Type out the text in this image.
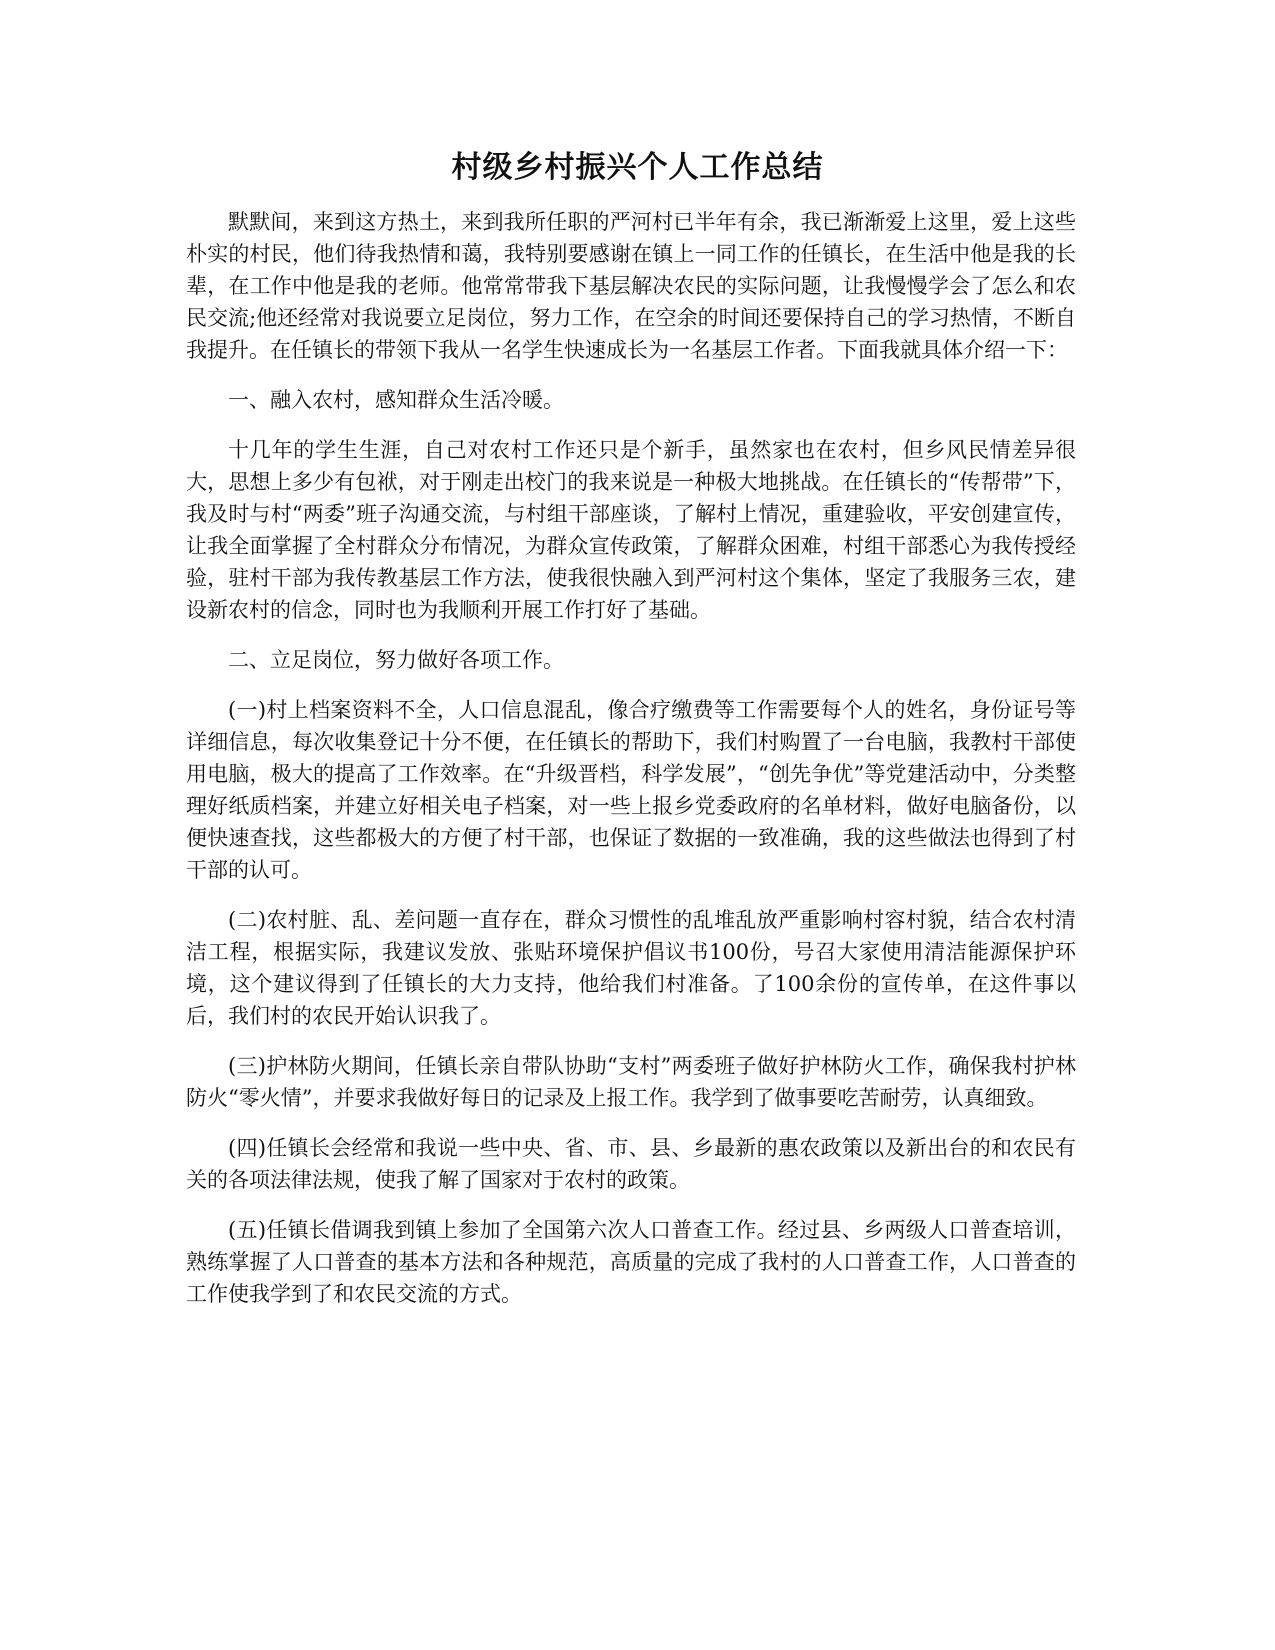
村级乡村振兴个人工作总结

默默间，来到这方热土，来到我所任职的严河村已半年有余，我已渐渐爱上这里，爱上这些朴实的村民，他们待我热情和蔼，我特别要感谢在镇上一同工作的任镇长，在生活中他是我的长辈，在工作中他是我的老师。他常常带我下基层解决农民的实际问题，让我慢慢学会了怎么和农民交流;他还经常对我说要立足岗位，努力工作，在空余的时间还要保持自己的学习热情，不断自我提升。在任镇长的带领下我从一名学生快速成长为一名基层工作者。下面我就具体介绍一下：

一、融入农村，感知群众生活冷暖。

十几年的学生生涯，自己对农村工作还只是个新手，虽然家也在农村，但乡风民情差异很大，思想上多少有包袱，对于刚走出校门的我来说是一种极大地挑战。在任镇长的“传帮带”下，我及时与村“两委”班子沟通交流，与村组干部座谈，了解村上情况，重建验收，平安创建宣传，让我全面掌握了全村群众分布情况，为群众宣传政策，了解群众困难，村组干部悉心为我传授经验，驻村干部为我传教基层工作方法，使我很快融入到严河村这个集体，坚定了我服务三农，建设新农村的信念，同时也为我顺利开展工作打好了基础。

二、立足岗位，努力做好各项工作。

(一)村上档案资料不全，人口信息混乱，像合疗缴费等工作需要每个人的姓名，身份证号等详细信息，每次收集登记十分不便，在任镇长的帮助下，我们村购置了一台电脑，我教村干部使用电脑，极大的提高了工作效率。在“升级晋档，科学发展”，“创先争优”等党建活动中，分类整理好纸质档案，并建立好相关电子档案，对一些上报乡党委政府的名单材料，做好电脑备份，以便快速查找，这些都极大的方便了村干部，也保证了数据的一致准确，我的这些做法也得到了村干部的认可。

(二)农村脏、乱、差问题一直存在，群众习惯性的乱堆乱放严重影响村容村貌，结合农村清洁工程，根据实际，我建议发放、张贴环境保护倡议书100份，号召大家使用清洁能源保护环境，这个建议得到了任镇长的大力支持，他给我们村准备。了100余份的宣传单，在这件事以后，我们村的农民开始认识我了。

(三)护林防火期间，任镇长亲自带队协助“支村”两委班子做好护林防火工作，确保我村护林防火“零火情”，并要求我做好每日的记录及上报工作。我学到了做事要吃苦耐劳，认真细致。

(四)任镇长会经常和我说一些中央、省、市、县、乡最新的惠农政策以及新出台的和农民有关的各项法律法规，使我了解了国家对于农村的政策。

(五)任镇长借调我到镇上参加了全国第六次人口普查工作。经过县、乡两级人口普查培训，熟练掌握了人口普查的基本方法和各种规范，高质量的完成了我村的人口普查工作，人口普查的工作使我学到了和农民交流的方式。
